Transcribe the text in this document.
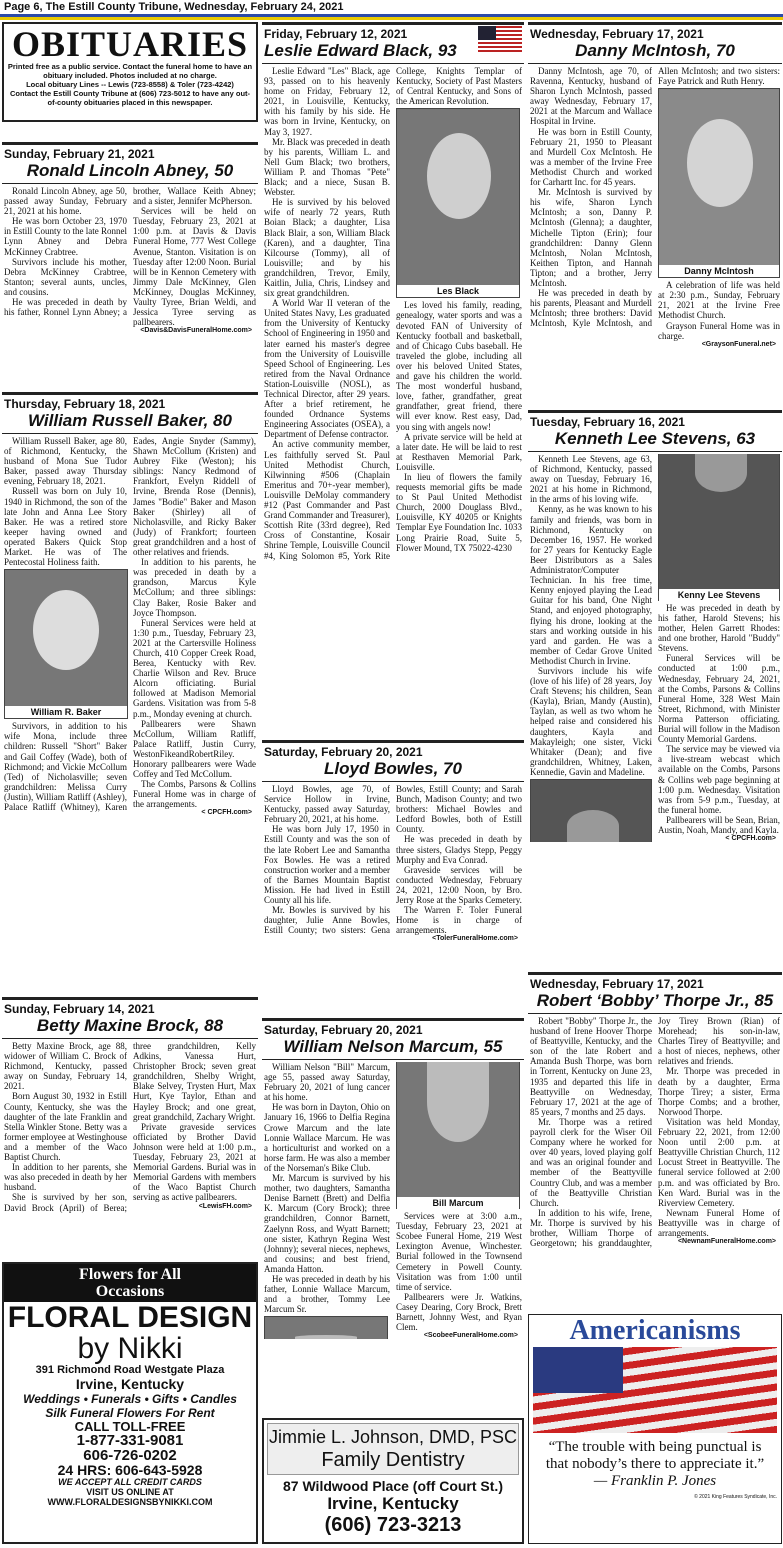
Page 6, The Estill County Tribune, Wednesday, February 24, 2021
OBITUARIES
Printed free as a public service. Contact the funeral home to have an obituary included. Photos included at no charge.
Local obituary Lines -- Lewis (723-8558) & Toler (723-4242)
Contact the Estill County Tribune at (606) 723-5012 to have any out-of-county obituaries placed in this newspaper.
Sunday, February 21, 2021
Ronald Lincoln Abney, 50

Ronald Lincoln Abney, age 50, passed away Sunday, February 21, 2021 at his home.

He was born October 23, 1970 in Estill County to the late Ronnel Lynn Abney and Debra McKinney Crabtree.

Survivors include his mother, Debra McKinney Crabtree, Stanton; several aunts, uncles, and cousins.

He was preceded in death by his father, Ronnel Lynn Abney; a brother, Wallace Keith Abney; and a sister, Jennifer McPherson.

Services will be held on Tuesday, February 23, 2021 at 1:00 p.m. at Davis & Davis Funeral Home, 777 West College Avenue, Stanton. Visitation is on Tuesday after 12:00 Noon. Burial will be in Kennon Cemetery with Jimmy Dale McKinney, Glen McKinney, Douglas McKinney, Vaulty Tyree, Brian Weldi, and Jessica Tyree serving as pallbearers.

<Davis&DavisFuneralHome.com>
Thursday, February 18, 2021
William Russell Baker, 80

William Russell Baker, age 80, of Richmond, Kentucky, the husband of Mona Sue Tudor Baker, passed away Thursday evening, February 18, 2021.

Russell was born on July 10, 1940 in Richmond, the son of the late John and Anna Lee Story Baker. He was a retired store keeper having owned and operated Bakers Quick Stop Market. He was of The Pentecostal Holiness faith.

William R. Baker

Survivors, in addition to his wife Mona, include three children: Russell "Short" Baker and Gail Coffey (Wade), both of Richmond; and Vickie McCollum (Ted) of Nicholasville; seven grandchildren: Melissa Curry (Justin), William Ratliff (Ashley), Palace Ratliff (Whitney), Karen Eades, Angie Snyder (Sammy), Shawn McCollum (Kristen) and Aubrey Fike (Weston); his siblings: Nancy Redmond of Frankfort, Evelyn Riddell of Irvine, Brenda Rose (Dennis), James "Bodie" Baker and Mason Baker (Shirley) all of Nicholasville, and Ricky Baker (Judy) of Frankfort; fourteen great grandchildren and a host of other relatives and friends.

In addition to his parents, he was preceded in death by a grandson, Marcus Kyle McCollum; and three siblings: Clay Baker, Rosie Baker and Joyce Thompson.

Funeral Services were held at 1:30 p.m., Tuesday, February 23, 2021 at the Cartersville Holiness Church, 410 Copper Creek Road, Berea, Kentucky with Rev. Charlie Wilson and Rev. Bruce Alcorn officiating. Burial followed at Madison Memorial Gardens. Visitation was from 5-8 p.m., Monday evening at church.

Pallbearers were Shawn McCollum, William Ratliff, Palace Ratliff, Justin Curry, WestonFikeandRobertRiley. Honorary pallbearers were Wade Coffey and Ted McCollum.

The Combs, Parsons & Collins Funeral Home was in charge of the arrangements.

< CPCFH.com>
Sunday, February 14, 2021
Betty Maxine Brock, 88

Betty Maxine Brock, age 88, widower of William C. Brock of Richmond, Kentucky, passed away on Sunday, February 14, 2021.

Born August 30, 1932 in Estill County, Kentucky, she was the daughter of the late Franklin and Stella Winkler Stone. Betty was a former employee at Westinghouse and a member of the Waco Baptist Church.

In addition to her parents, she was also preceded in death by her husband.

She is survived by her son, David Brock (April) of Berea; three grandchildren, Kelly Adkins, Vanessa Hurt, Christopher Brock; seven great grandchildren, Shelby Wright, Blake Selvey, Trysten Hurt, Max Hurt, Kye Taylor, Ethan and Hayley Brock; and one great, great grandchild, Zachary Wright.

Private graveside services officiated by Brother David Johnson were held at 1:00 p.m., Tuesday, February 23, 2021 at Memorial Gardens. Burial was in Memorial Gardens with members of the Waco Baptist Church serving as active pallbearers.

<LewisFH.com>
Flowers for All Occasions
FLORAL DESIGN
by Nikki
391 Richmond Road Westgate Plaza
Irvine, Kentucky
Weddings • Funerals • Gifts • Candles
Silk Funeral Flowers For Rent
CALL TOLL-FREE
1-877-331-9081
606-726-0202
24 HRS: 606-643-5928
WE ACCEPT ALL CREDIT CARDS
VISIT US ONLINE AT
WWW.FLORALDESIGNSBYNIKKI.COM
Friday, February 12, 2021
Leslie Edward Black, 93

Leslie Edward "Les" Black, age 93, passed on to his heavenly home on Friday, February 12, 2021, in Louisville, Kentucky, with his family by his side. He was born in Irvine, Kentucky, on May 3, 1927.

Mr. Black was preceded in death by his parents, William L. and Nell Gum Black; two brothers, William P. and Thomas "Pete" Black; and a niece, Susan B. Webster.

He is survived by his beloved wife of nearly 72 years, Ruth Boian Black; a daughter, Lisa Black Blair, a son, William Black (Karen), and a daughter, Tina Kilcourse (Tommy), all of Louisville; and by his grandchildren, Trevor, Emily, Kaitlin, Julia, Chris, Lindsey and six great grandchildren.

A World War II veteran of the United States Navy, Les graduated from the University of Kentucky School of Engineering in 1950 and later earned his master's degree from the University of Louisville Speed School of Engineering. Les retired from the Naval Ordnance Station-Louisville (NOSL), as Technical Director, after 29 years. After a brief retirement, he founded Ordnance Systems Engineering Associates (OSEA), a Department of Defense contractor.

An active community member, Les faithfully served St. Paul United Methodist Church, Kilwinning #506 (Chaplain Emeritus and 70+-year member), Louisville DeMolay commandery #12 (Past Commander and Past Grand Commander and Treasurer), Scottish Rite (33rd degree), Red Cross of Constantine, Kosair Shrine Temple, Louisville Council #4, King Solomon #5, York Rite College, Knights Templar of Kentucky, Society of Past Masters of Central Kentucky, and Sons of the American Revolution.

Les Black

Les loved his family, reading, genealogy, water sports and was a devoted FAN of University of Kentucky football and basketball, and of Chicago Cubs baseball. He traveled the globe, including all over his beloved United States, and gave his children the world. The most wonderful husband, love, father, grandfather, great grandfather, great friend, there will ever know. Rest easy, Dad, you sing with angels now!

A private service will be held at a later date. He will be laid to rest at Resthaven Memorial Park, Louisville.

In lieu of flowers the family requests memorial gifts be made to St Paul United Methodist Church, 2000 Douglass Blvd., Louisville, KY 40205 or Knights Templar Eye Foundation Inc. 1033 Long Prairie Road, Suite 5, Flower Mound, TX 75022-4230

Saturday, February 20, 2021
Lloyd Bowles, 70

Lloyd Bowles, age 70, of Service Hollow in Irvine, Kentucky, passed away Saturday, February 20, 2021, at his home.

He was born July 17, 1950 in Estill County and was the son of the late Robert Lee and Samantha Fox Bowles. He was a retired construction worker and a member of the Barnes Mountain Baptist Mission. He had lived in Estill County all his life.

Mr. Bowles is survived by his daughter, Julie Anne Bowles, Estill County; two sisters: Gena Bowles, Estill County; and Sarah Bunch, Madison County; and two brothers: Michael Bowles and Ledford Bowles, both of Estill County.

He was preceded in death by three sisters, Gladys Stepp, Peggy Murphy and Eva Conrad.

Graveside services will be conducted Wednesday, February 24, 2021, 12:00 Noon, by Bro. Jerry Rose at the Sparks Cemetery.

The Warren F. Toler Funeral Home is in charge of arrangements.

<TolerFuneralHome.com>
Saturday, February 20, 2021
William Nelson Marcum, 55

William Nelson "Bill" Marcum, age 55, passed away Saturday, February 20, 2021 of lung cancer at his home.

He was born in Dayton, Ohio on January 16, 1966 to Delfia Regina Crowe Marcum and the late Lonnie Wallace Marcum. He was a horticulturist and worked on a horse farm. He was also a member of the Norseman's Bike Club.

Mr. Marcum is survived by his mother, two daughters, Samantha Denise Barnett (Brett) and Delfia K. Marcum (Cory Brock); three grandchildren, Connor Barnett, Zaelynn Ross, and Wyatt Barnett; one sister, Kathryn Regina West (Johnny); several nieces, nephews, and cousins; and best friend, Amanda Hatton.

He was preceded in death by his father, Lonnie Wallace Marcum, and a brother, Tommy Lee Marcum Sr.

Bill Marcum

Services were at 3:00 a.m., Tuesday, February 23, 2021 at Scobee Funeral Home, 219 West Lexington Avenue, Winchester. Burial followed in the Townsend Cemetery in Powell County. Visitation was from 1:00 until time of service.

Pallbearers were Jr. Watkins, Casey Dearing, Cory Brock, Brett Barnett, Johnny West, and Ryan Clem.

<ScobeeFuneralHome.com>
Jimmie L. Johnson, DMD, PSC
Family Dentistry
87 Wildwood Place (off Court St.)
Irvine, Kentucky
(606) 723-3213
Wednesday, February 17, 2021
Danny McIntosh, 70

Danny McIntosh, age 70, of Ravenna, Kentucky, husband of Sharon Lynch McIntosh, passed away Wednesday, February 17, 2021 at the Marcum and Wallace Hospital in Irvine.

He was born in Estill County, February 21, 1950 to Pleasant and Murdell Cox McIntosh. He was a member of the Irvine Free Methodist Church and worked for Carhartt Inc. for 45 years.

Mr. McIntosh is survived by his wife, Sharon Lynch McIntosh; a son, Danny P. McIntosh (Glenna); a daughter, Michelle Tipton (Erin); four grandchildren: Danny Glenn McIntosh, Nolan McIntosh, Keithen Tipton, and Hannah Tipton; and a brother, Jerry McIntosh.

He was preceded in death by his parents, Pleasant and Murdell McIntosh; three brothers: David McIntosh, Kyle McIntosh, and Allen McIntosh; and two sisters: Faye Patrick and Ruth Henry.

Danny McIntosh

A celebration of life was held at 2:30 p.m., Sunday, February 21, 2021 at the Irvine Free Methodist Church.

Grayson Funeral Home was in charge.

<GraysonFuneral.net>
Tuesday, February 16, 2021
Kenneth Lee Stevens, 63

Kenneth Lee Stevens, age 63, of Richmond, Kentucky, passed away on Tuesday, February 16, 2021 at his home in Richmond, in the arms of his loving wife.

Kenny, as he was known to his family and friends, was born in Richmond, Kentucky on December 16, 1957. He worked for 27 years for Kentucky Eagle Beer Distributors as a Sales Administrator/Computer Technician. In his free time, Kenny enjoyed playing the Lead Guitar for his band, One Night Stand, and enjoyed photography, flying his drone, looking at the stars and working outside in his yard and garden. He was a member of Cedar Grove United Methodist Church in Irvine.

Survivors include his wife (love of his life) of 28 years, Joy Craft Stevens; his children, Sean (Kayla), Brian, Mandy (Austin), Taylan, as well as two whom he helped raise and considered his daughters, Kayla and Makayleigh; one sister, Vicki Whitaker (Dean); and five grandchildren, Whitney, Laken, Kennedie, Gavin and Madeline.

Kenny Lee Stevens

He was preceded in death by his father, Harold Stevens; his mother, Helen Garrett Rhodes: and one brother, Harold "Buddy" Stevens.

Funeral Services will be conducted at 1:00 p.m., Wednesday, February 24, 2021, at the Combs, Parsons & Collins Funeral Home, 328 West Main Street, Richmond, with Minister Norma Patterson officiating. Burial will follow in the Madison County Memorial Gardens.

The service may be viewed via a live-stream webcast which available on the Combs, Parsons & Collins web page beginning at 1:00 p.m. Wednesday. Visitation was from 5-9 p.m., Tuesday, at the funeral home.

Pallbearers will be Sean, Brian, Austin, Noah, Mandy, and Kayla.

< CPCFH.com>
Wednesday, February 17, 2021
Robert ‘Bobby’ Thorpe Jr., 85

Robert "Bobby" Thorpe Jr., the husband of Irene Hoover Thorpe of Beattyville, Kentucky, and the son of the late Robert and Amanda Bush Thorpe, was born in Torrent, Kentucky on June 23, 1935 and departed this life in Beattyville on Wednesday, February 17, 2021 at the age of 85 years, 7 months and 25 days.

Mr. Thorpe was a retired payroll clerk for the Wiser Oil Company where he worked for over 40 years, loved playing golf and was an original founder and member of the Beattyville Country Club, and was a member of the Beattyville Christian Church.

In addition to his wife, Irene, Mr. Thorpe is survived by his brother, William Thorpe of Georgetown; his granddaughter, Joy Tirey Brown (Rian) of Morehead; his son-in-law, Charles Tirey of Beattyville; and a host of nieces, nephews, other relatives and friends.

Mr. Thorpe was preceded in death by a daughter, Erma Thorpe Tirey; a sister, Erma Thorpe Combs; and a brother, Norwood Thorpe.

Visitation was held Monday, February 22, 2021, from 12:00 Noon until 2:00 p.m. at Beattyville Christian Church, 112 Locust Street in Beattyville. The funeral service followed at 2:00 p.m. and was officiated by Bro. Ken Ward. Burial was in the Riverview Cemetery.

Newnam Funeral Home of Beattyville was in charge of arrangements.

<NewnamFuneralHome.com>
Americanisms
“The trouble with being punctual is that nobody’s there to appreciate it.”
— Franklin P. Jones
© 2021 King Features Syndicate, Inc.
